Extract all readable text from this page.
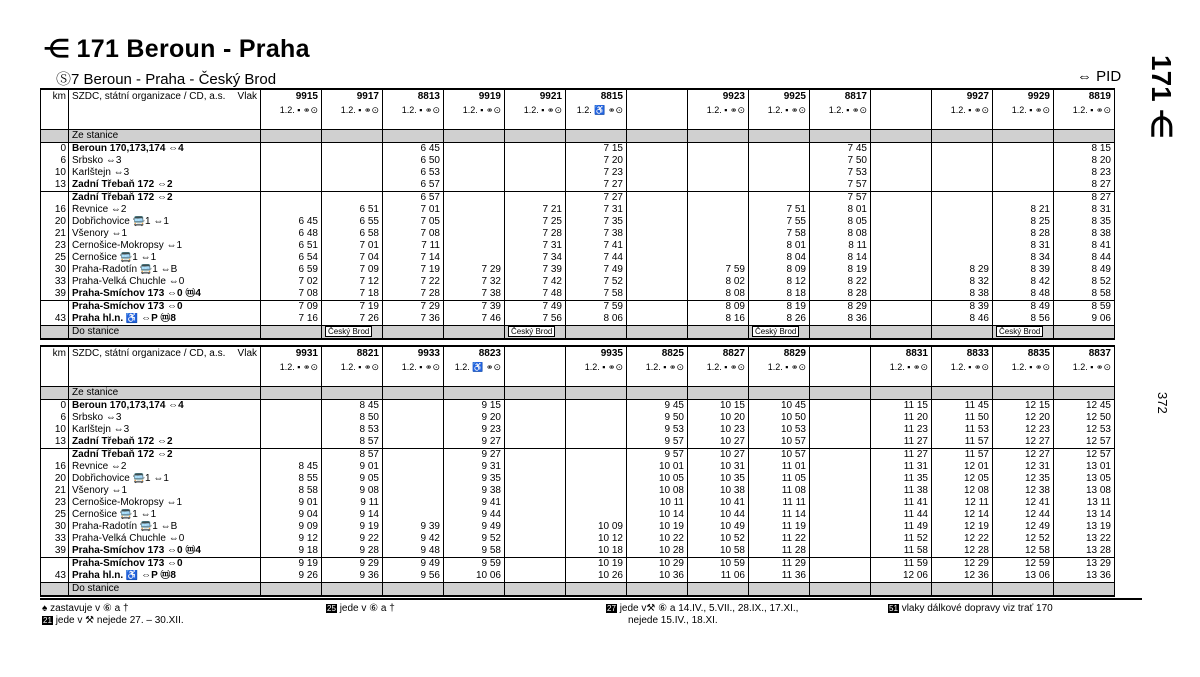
⋲ 171 Beroun - Praha
Ⓢ7 Beroun - Praha - Český Brod	⇔ PID 171 ⋲
372
km	SZDC, státní organizace / CD, a.s. Vlak	9915	9917	8813	9919	9921	8815		9923	9925	8817		9927	9929	8819
		1.2. ▪ ⚭⊙	1.2. ▪ ⚭⊙	1.2. ▪ ⚭⊙	1.2. ▪ ⚭⊙	1.2. ▪ ⚭⊙	1.2. ♿ ⚭⊙		1.2. ▪ ⚭⊙	1.2. ▪ ⚭⊙	1.2. ▪ ⚭⊙		1.2. ▪ ⚭⊙	1.2. ▪ ⚭⊙	1.2. ▪ ⚭⊙

	Ze stanice														
0	Beroun 170,173,174 ⇔4			6 45			7 15				7 45				8 15
6	Srbsko ⇔3			6 50			7 20				7 50				8 20
10	Karlštejn ⇔3			6 53			7 23				7 53				8 23
13	Zadní Třebaň 172 ⇔2			6 57			7 27				7 57				8 27
	Zadní Třebaň 172 ⇔2			6 57			7 27				7 57				8 27
16	Řevnice ⇔2		6 51	7 01		7 21	7 31			7 51	8 01			8 21	8 31
20	Dobřichovice 🚍1 ⇔1	6 45	6 55	7 05		7 25	7 35			7 55	8 05			8 25	8 35
21	Všenory ⇔1	6 48	6 58	7 08		7 28	7 38			7 58	8 08			8 28	8 38
23	Černošice-Mokropsy ⇔1	6 51	7 01	7 11		7 31	7 41			8 01	8 11			8 31	8 41
25	Černošice 🚍1 ⇔1	6 54	7 04	7 14		7 34	7 44			8 04	8 14			8 34	8 44
30	Praha-Radotín 🚍1 ⇔B	6 59	7 09	7 19	7 29	7 39	7 49		7 59	8 09	8 19		8 29	8 39	8 49
33	Praha-Velká Chuchle ⇔0	7 02	7 12	7 22	7 32	7 42	7 52		8 02	8 12	8 22		8 32	8 42	8 52
39	Praha-Smíchov 173 ⇔0 ⓜ4	7 08	7 18	7 28	7 38	7 48	7 58		8 08	8 18	8 28		8 38	8 48	8 58
	Praha-Smíchov 173 ⇔0	7 09	7 19	7 29	7 39	7 49	7 59		8 09	8 19	8 29		8 39	8 49	8 59
43	Praha hl.n. ♿ ⇔P ⓜ8	7 16	7 26	7 36	7 46	7 56	8 06		8 16	8 26	8 36		8 46	8 56	9 06
	Do stanice		Český Brod			Český Brod				Český Brod				Český Brod	
km	SZDC, státní organizace / CD, a.s. Vlak	9931	8821	9933	8823		9935	8825	8827	8829		8831	8833	8835	8837
		1.2. ▪ ⚭⊙	1.2. ▪ ⚭⊙	1.2. ▪ ⚭⊙	1.2. ♿ ⚭⊙		1.2. ▪ ⚭⊙	1.2. ▪ ⚭⊙	1.2. ▪ ⚭⊙	1.2. ▪ ⚭⊙		1.2. ▪ ⚭⊙	1.2. ▪ ⚭⊙	1.2. ▪ ⚭⊙	1.2. ▪ ⚭⊙

	Ze stanice														
0	Beroun 170,173,174 ⇔4		8 45		9 15			9 45	10 15	10 45		11 15	11 45	12 15	12 45
6	Srbsko ⇔3		8 50		9 20			9 50	10 20	10 50		11 20	11 50	12 20	12 50
10	Karlštejn ⇔3		8 53		9 23			9 53	10 23	10 53		11 23	11 53	12 23	12 53
13	Zadní Třebaň 172 ⇔2		8 57		9 27			9 57	10 27	10 57		11 27	11 57	12 27	12 57
	Zadní Třebaň 172 ⇔2		8 57		9 27			9 57	10 27	10 57		11 27	11 57	12 27	12 57
16	Řevnice ⇔2	8 45	9 01		9 31			10 01	10 31	11 01		11 31	12 01	12 31	13 01
20	Dobřichovice 🚍1 ⇔1	8 55	9 05		9 35			10 05	10 35	11 05		11 35	12 05	12 35	13 05
21	Všenory ⇔1	8 58	9 08		9 38			10 08	10 38	11 08		11 38	12 08	12 38	13 08
23	Černošice-Mokropsy ⇔1	9 01	9 11		9 41			10 11	10 41	11 11		11 41	12 11	12 41	13 11
25	Černošice 🚍1 ⇔1	9 04	9 14		9 44			10 14	10 44	11 14		11 44	12 14	12 44	13 14
30	Praha-Radotín 🚍1 ⇔B	9 09	9 19	9 39	9 49		10 09	10 19	10 49	11 19		11 49	12 19	12 49	13 19
33	Praha-Velká Chuchle ⇔0	9 12	9 22	9 42	9 52		10 12	10 22	10 52	11 22		11 52	12 22	12 52	13 22
39	Praha-Smíchov 173 ⇔0 ⓜ4	9 18	9 28	9 48	9 58		10 18	10 28	10 58	11 28		11 58	12 28	12 58	13 28
	Praha-Smíchov 173 ⇔0	9 19	9 29	9 49	9 59		10 19	10 29	10 59	11 29		11 59	12 29	12 59	13 29
43	Praha hl.n. ♿ ⇔P ⓜ8	9 26	9 36	9 56	10 06		10 26	10 36	11 06	11 36		12 06	12 36	13 06	13 36
	Do stanice														
♠ zastavuje v ⑥ a †
21 jede v ⚒ nejede 27. – 30.XII.
25 jede v ⑥ a †	27 jede v⚒ ⑥ a 14.IV., 5.VII., 28.IX., 17.XI.,
nejede 15.IV., 18.XI.
51 vlaky dálkové dopravy viz trať 170
